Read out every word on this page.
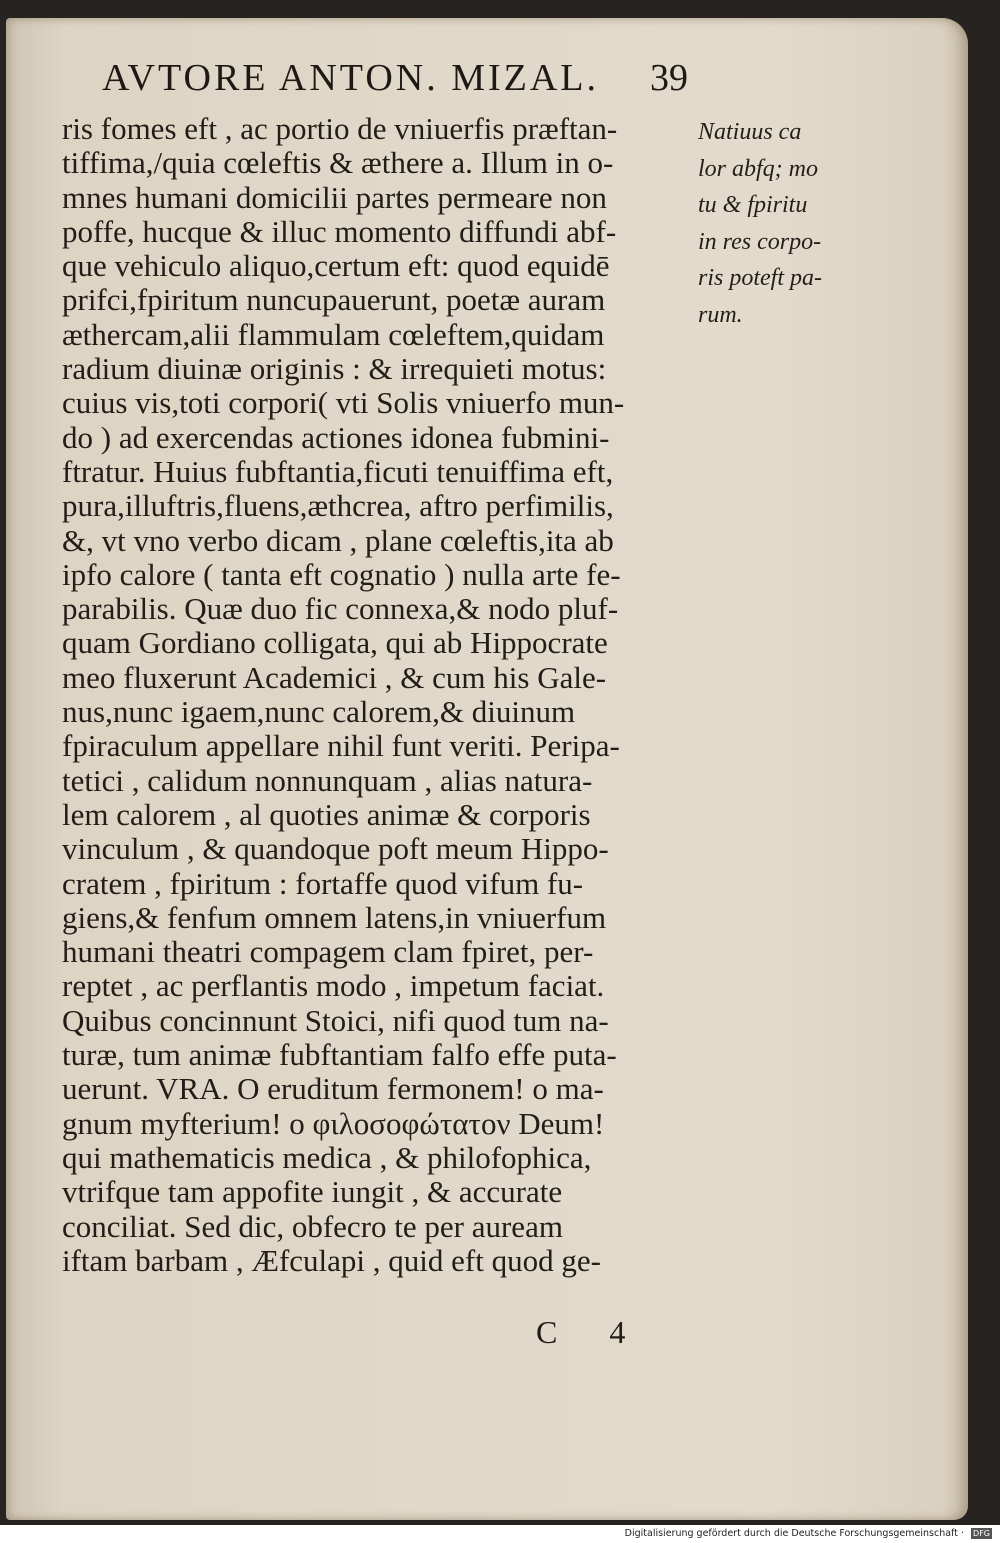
AVTORE ANTON. MIZAL. 39
ris fomes eft , ac portio de vniuerfis præftan-
tiffima,/quia cœleftis & æthere a. Illum in o-
mnes humani domicilii partes permeare non
poffe, hucque & illuc momento diffundi abf-
que vehiculo aliquo,certum eft: quod equidē
prifci,fpiritum nuncupauerunt, poetæ auram
æthercam,alii flammulam cœleftem,quidam
radium diuinæ originis : & irrequieti motus:
cuius vis,toti corpori( vti Solis vniuerfo mun-
do ) ad exercendas actiones idonea fubmini-
ftratur. Huius fubftantia,ficuti tenuiffima eft,
pura,illuftris,fluens,æthcrea, aftro perfimilis,
&, vt vno verbo dicam , plane cœleftis,ita ab
ipfo calore ( tanta eft cognatio ) nulla arte fe-
parabilis. Quæ duo fic connexa,& nodo pluf-
quam Gordiano colligata, qui ab Hippocrate
meo fluxerunt Academici , & cum his Gale-
nus,nunc igaem,nunc calorem,& diuinum
fpiraculum appellare nihil funt veriti. Peripa-
tetici , calidum nonnunquam , alias natura-
lem calorem , al quoties animæ & corporis
vinculum , & quandoque poft meum Hippo-
cratem , fpiritum : fortaffe quod vifum fu-
giens,& fenfum omnem latens,in vniuerfum
humani theatri compagem clam fpiret, per-
reptet , ac perflantis modo , impetum faciat.
Quibus concinnunt Stoici, nifi quod tum na-
turæ, tum animæ fubftantiam falfo effe puta-
uerunt. VRA. O eruditum fermonem! o ma-
gnum myfterium! o φιλοσοφώτατον Deum!
qui mathematicis medica , & philofophica,
vtrifque tam appofite iungit , & accurate
conciliat. Sed dic, obfecro te per auream
iftam barbam , Æfculapi , quid eft quod ge-
Natiuus ca
lor abfq; mo
tu & fpiritu
in res corpo-
ris poteft pa-
rum.
C 4
Digitalisierung gefördert durch die Deutsche Forschungsgemeinschaft · DFG
